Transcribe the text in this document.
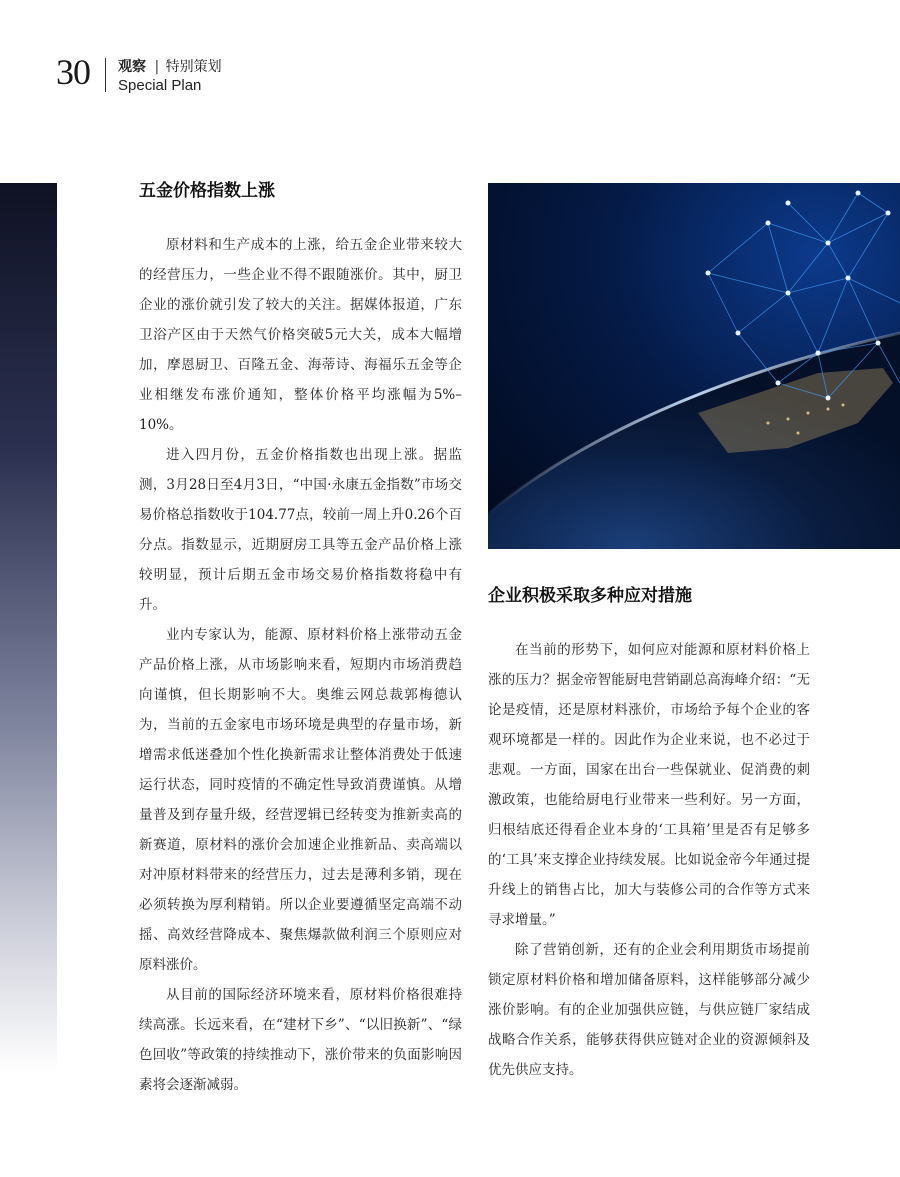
30 观察 | 特别策划
Special Plan
五金价格指数上涨

原材料和生产成本的上涨，给五金企业带来较大的经营压力，一些企业不得不跟随涨价。其中，厨卫企业的涨价就引发了较大的关注。据媒体报道，广东卫浴产区由于天然气价格突破5元大关，成本大幅增加，摩恩厨卫、百隆五金、海蒂诗、海福乐五金等企业相继发布涨价通知，整体价格平均涨幅为5%–10%。

进入四月份，五金价格指数也出现上涨。据监测，3月28日至4月3日，“中国·永康五金指数”市场交易价格总指数收于104.77点，较前一周上升0.26个百分点。指数显示，近期厨房工具等五金产品价格上涨较明显，预计后期五金市场交易价格指数将稳中有升。

业内专家认为，能源、原材料价格上涨带动五金产品价格上涨，从市场影响来看，短期内市场消费趋向谨慎，但长期影响不大。奥维云网总裁郭梅德认为，当前的五金家电市场环境是典型的存量市场，新增需求低迷叠加个性化换新需求让整体消费处于低速运行状态，同时疫情的不确定性导致消费谨慎。从增量普及到存量升级，经营逻辑已经转变为推新卖高的新赛道，原材料的涨价会加速企业推新品、卖高端以对冲原材料带来的经营压力，过去是薄利多销，现在必须转换为厚利精销。所以企业要遵循坚定高端不动摇、高效经营降成本、聚焦爆款做利润三个原则应对原料涨价。

从目前的国际经济环境来看，原材料价格很难持续高涨。长远来看，在“建材下乡”、“以旧换新”、“绿色回收”等政策的持续推动下，涨价带来的负面影响因素将会逐渐减弱。

企业积极采取多种应对措施

在当前的形势下，如何应对能源和原材料价格上涨的压力？据金帝智能厨电营销副总高海峰介绍：“无论是疫情，还是原材料涨价，市场给予每个企业的客观环境都是一样的。因此作为企业来说，也不必过于悲观。一方面，国家在出台一些保就业、促消费的刺激政策，也能给厨电行业带来一些利好。另一方面，归根结底还得看企业本身的‘工具箱’里是否有足够多的‘工具’来支撑企业持续发展。比如说金帝今年通过提升线上的销售占比，加大与装修公司的合作等方式来寻求增量。”

除了营销创新，还有的企业会利用期货市场提前锁定原材料价格和增加储备原料，这样能够部分减少涨价影响。有的企业加强供应链，与供应链厂家结成战略合作关系，能够获得供应链对企业的资源倾斜及优先供应支持。
